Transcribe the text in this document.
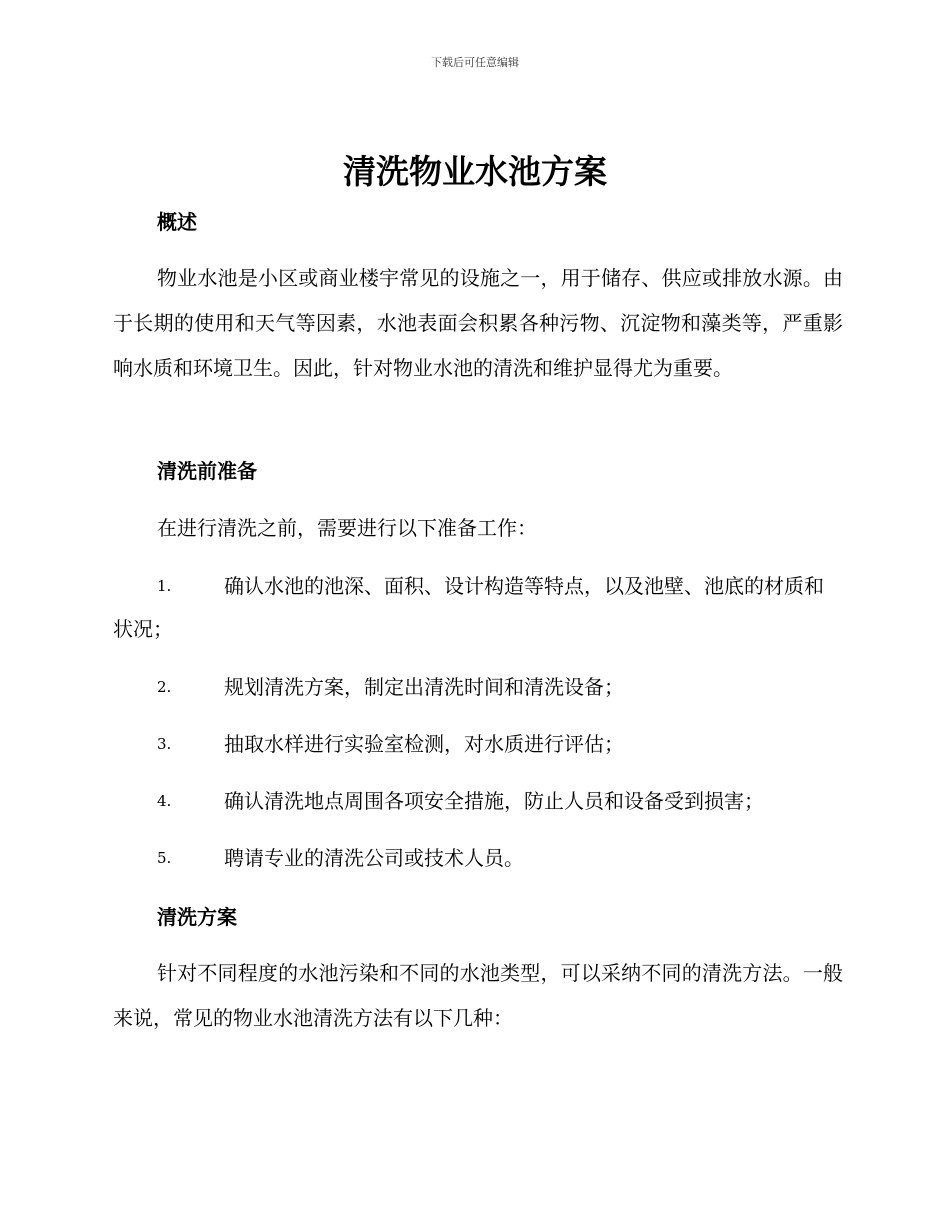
下载后可任意编辑
清洗物业水池方案
概述

物业水池是小区或商业楼宇常见的设施之一，用于储存、供应或排放水源。由于长期的使用和天气等因素，水池表面会积累各种污物、沉淀物和藻类等，严重影响水质和环境卫生。因此，针对物业水池的清洗和维护显得尤为重要。

清洗前准备

在进行清洗之前，需要进行以下准备工作：

1.	确认水池的池深、面积、设计构造等特点，以及池壁、池底的材质和状况；
2.	规划清洗方案，制定出清洗时间和清洗设备；
3.	抽取水样进行实验室检测，对水质进行评估；
4.	确认清洗地点周围各项安全措施，防止人员和设备受到损害；
5.	聘请专业的清洗公司或技术人员。
清洗方案

针对不同程度的水池污染和不同的水池类型，可以采纳不同的清洗方法。一般来说，常见的物业水池清洗方法有以下几种：
